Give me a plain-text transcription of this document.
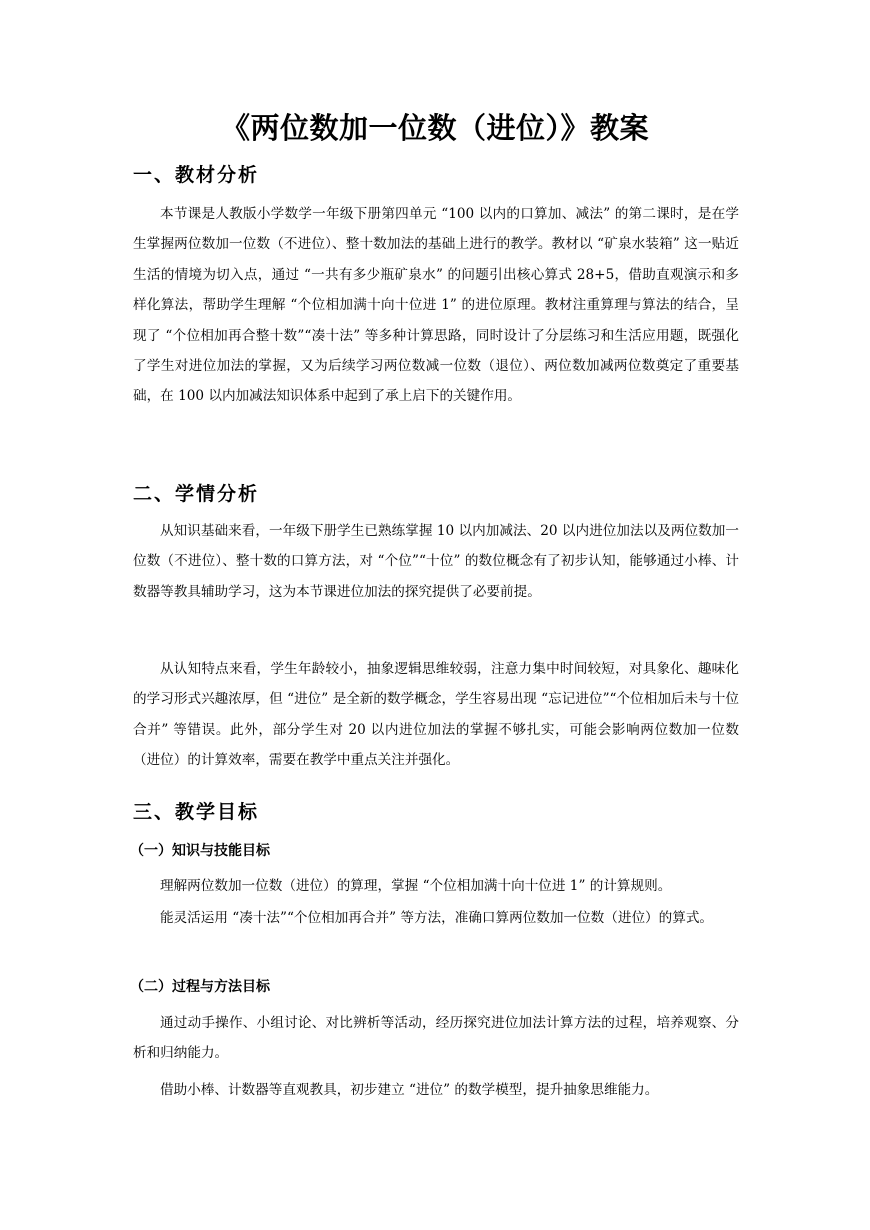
《两位数加一位数（进位）》教案
一、教材分析
本节课是人教版小学数学一年级下册第四单元 “100 以内的口算加、减法” 的第二课时，是在学生掌握两位数加一位数（不进位）、整十数加法的基础上进行的教学。教材以 “矿泉水装箱” 这一贴近生活的情境为切入点，通过 “一共有多少瓶矿泉水” 的问题引出核心算式 28+5，借助直观演示和多样化算法，帮助学生理解 “个位相加满十向十位进 1” 的进位原理。教材注重算理与算法的结合，呈现了 “个位相加再合整十数”“凑十法” 等多种计算思路，同时设计了分层练习和生活应用题，既强化了学生对进位加法的掌握，又为后续学习两位数减一位数（退位）、两位数加减两位数奠定了重要基础，在 100 以内加减法知识体系中起到了承上启下的关键作用。
二、学情分析
从知识基础来看，一年级下册学生已熟练掌握 10 以内加减法、20 以内进位加法以及两位数加一位数（不进位）、整十数的口算方法，对 “个位”“十位” 的数位概念有了初步认知，能够通过小棒、计数器等教具辅助学习，这为本节课进位加法的探究提供了必要前提。
从认知特点来看，学生年龄较小，抽象逻辑思维较弱，注意力集中时间较短，对具象化、趣味化的学习形式兴趣浓厚，但 “进位” 是全新的数学概念，学生容易出现 “忘记进位”“个位相加后未与十位合并” 等错误。此外，部分学生对 20 以内进位加法的掌握不够扎实，可能会影响两位数加一位数（进位）的计算效率，需要在教学中重点关注并强化。
三、教学目标
（一）知识与技能目标
理解两位数加一位数（进位）的算理，掌握 “个位相加满十向十位进 1” 的计算规则。
能灵活运用 “凑十法”“个位相加再合并” 等方法，准确口算两位数加一位数（进位）的算式。
（二）过程与方法目标
通过动手操作、小组讨论、对比辨析等活动，经历探究进位加法计算方法的过程，培养观察、分析和归纳能力。
借助小棒、计数器等直观教具，初步建立 “进位” 的数学模型，提升抽象思维能力。
